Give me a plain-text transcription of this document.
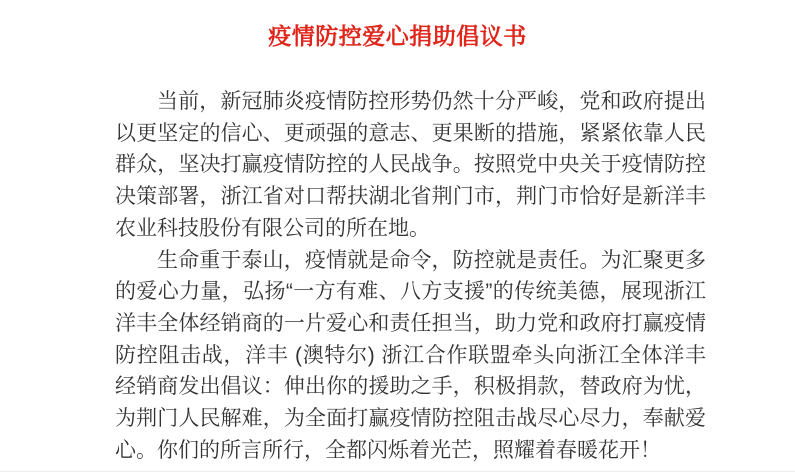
疫情防控爱心捐助倡议书

当前，新冠肺炎疫情防控形势仍然十分严峻，党和政府提出以更坚定的信心、更顽强的意志、更果断的措施，紧紧依靠人民群众，坚决打赢疫情防控的人民战争。按照党中央关于疫情防控决策部署，浙江省对口帮扶湖北省荆门市，荆门市恰好是新洋丰农业科技股份有限公司的所在地。

生命重于泰山，疫情就是命令，防控就是责任。为汇聚更多的爱心力量，弘扬“一方有难、八方支援”的传统美德，展现浙江洋丰全体经销商的一片爱心和责任担当，助力党和政府打赢疫情防控阻击战，洋丰 (澳特尔) 浙江合作联盟牵头向浙江全体洋丰经销商发出倡议：伸出你的援助之手，积极捐款，替政府为忧，为荆门人民解难，为全面打赢疫情防控阻击战尽心尽力，奉献爱心。你们的所言所行，全都闪烁着光芒，照耀着春暖花开！
